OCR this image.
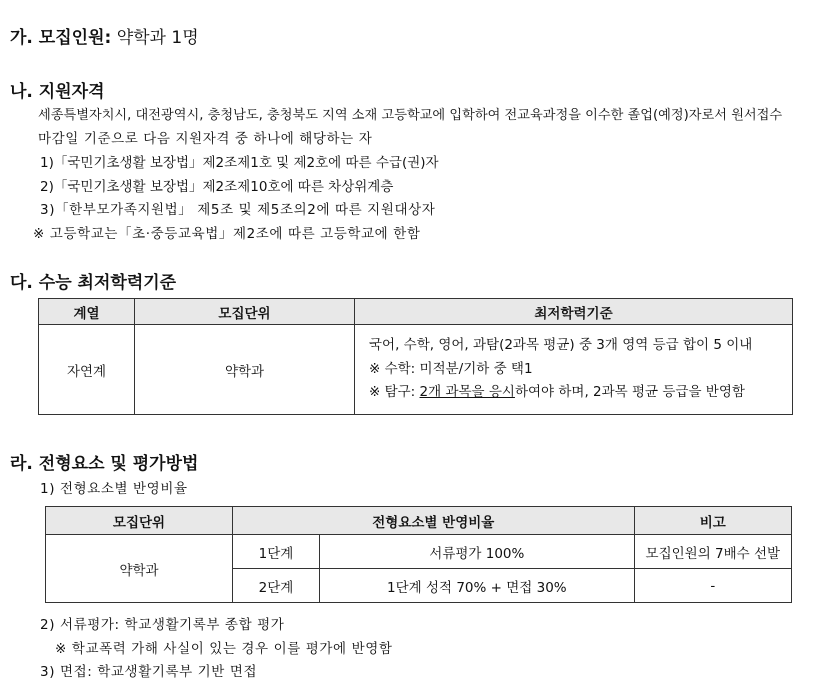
가. 모집인원: 약학과 1명
나. 지원자격
세종특별자치시, 대전광역시, 충청남도, 충청북도 지역 소재 고등학교에 입학하여 전교육과정을 이수한 졸업(예정)자로서 원서접수
마감일 기준으로 다음 지원자격 중 하나에 해당하는 자
1)「국민기초생활 보장법」제2조제1호 및 제2호에 따른 수급(권)자
2)「국민기초생활 보장법」제2조제10호에 따른 차상위계층
3)「한부모가족지원법」 제5조 및 제5조의2에 따른 지원대상자
※ 고등학교는「초·중등교육법」제2조에 따른 고등학교에 한함
다. 수능 최저학력기준
계열	모집단위	최저학력기준
자연계	약학과	국어, 수학, 영어, 과탐(2과목 평균) 중 3개 영역 등급 합이 5 이내
※ 수학: 미적분/기하 중 택1
※ 탐구: 2개 과목을 응시하여야 하며, 2과목 평균 등급을 반영함
라. 전형요소 및 평가방법
1) 전형요소별 반영비율
모집단위	전형요소별 반영비율		비고
약학과	1단계	서류평가 100%	모집인원의 7배수 선발
	2단계	1단계 성적 70% + 면접 30%	-
2) 서류평가: 학교생활기록부 종합 평가
※ 학교폭력 가해 사실이 있는 경우 이를 평가에 반영함
3) 면접: 학교생활기록부 기반 면접
